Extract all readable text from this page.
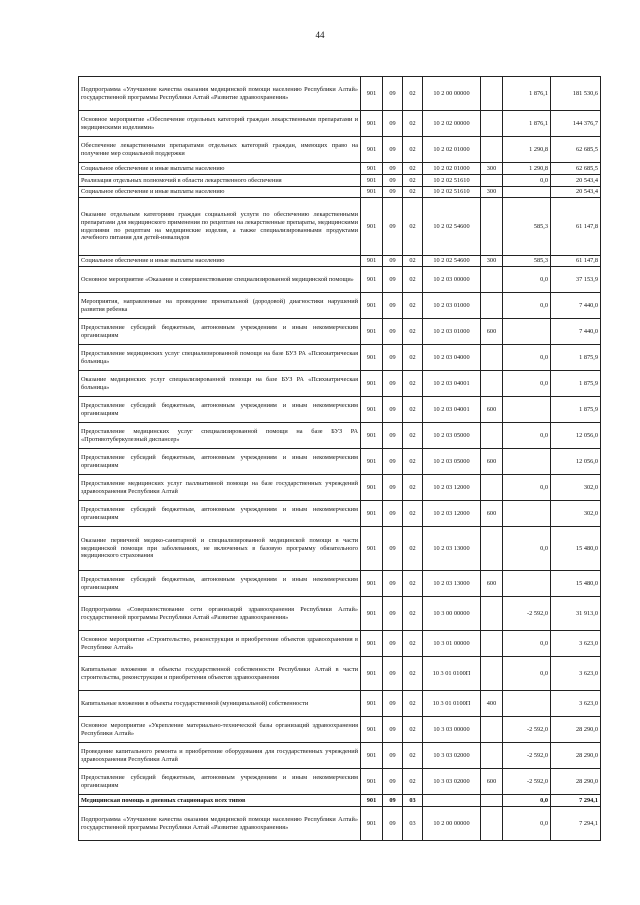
44
Подпрограмма «Улучшение качества оказания медицинской помощи населению Республики Алтай» государственной программы Республики Алтай «Развитие здравоохранения»	901	09	02	10 2 00 00000		1 876,1	181 530,6
Основное мероприятие «Обеспечение отдельных категорий граждан лекарственными препаратами и медицинскими изделиями»	901	09	02	10 2 02 00000		1 876,1	144 376,7
Обеспечение лекарственными препаратами отдельных категорий граждан, имеющих право на получение мер социальной поддержки	901	09	02	10 2 02 01000		1 290,8	62 685,5
Социальное обеспечение и иные выплаты населению	901	09	02	10 2 02 01000	300	1 290,8	62 685,5
Реализация отдельных полномочий в области лекарственного обеспечения	901	09	02	10 2 02 51610		0,0	20 543,4
Социальное обеспечение и иные выплаты населению	901	09	02	10 2 02 51610	300		20 543,4
Оказание отдельным категориям граждан социальной услуги по обеспечению лекарственными препаратами для медицинского применения по рецептам на лекарственные препараты, медицинскими изделиями по рецептам на медицинские изделия, а также специализированными продуктами лечебного питания для детей-инвалидов	901	09	02	10 2 02 54600		585,3	61 147,8
Социальное обеспечение и иные выплаты населению	901	09	02	10 2 02 54600	300	585,3	61 147,8
Основное мероприятие «Оказание и совершенствование специализированной медицинской помощи»	901	09	02	10 2 03 00000		0,0	37 153,9
Мероприятия, направленные на проведение пренатальной (дородовой) диагностики нарушений развития ребенка	901	09	02	10 2 03 01000		0,0	7 440,0
Предоставление субсидий бюджетным, автономным учреждениям и иным некоммерческим организациям	901	09	02	10 2 03 01000	600		7 440,0
Предоставление медицинских услуг специализированной помощи на базе БУЗ РА «Психиатрическая больница»	901	09	02	10 2 03 04000		0,0	1 875,9
Оказание медицинских услуг специализированной помощи на базе БУЗ РА «Психиатрическая больница»	901	09	02	10 2 03 04001		0,0	1 875,9
Предоставление субсидий бюджетным, автономным учреждениям и иным некоммерческим организациям	901	09	02	10 2 03 04001	600		1 875,9
Предоставление медицинских услуг специализированной помощи на базе БУЗ РА «Противотуберкулезный диспансер»	901	09	02	10 2 03 05000		0,0	12 056,0
Предоставление субсидий бюджетным, автономным учреждениям и иным некоммерческим организациям	901	09	02	10 2 03 05000	600		12 056,0
Предоставление медицинских услуг паллиативной помощи на базе государственных учреждений здравоохранения Республики Алтай	901	09	02	10 2 03 12000		0,0	302,0
Предоставление субсидий бюджетным, автономным учреждениям и иным некоммерческим организациям	901	09	02	10 2 03 12000	600		302,0
Оказание первичной медико-санитарной и специализированной медицинской помощи в части медицинской помощи при заболеваниях, не включенных в базовую программу обязательного медицинского страхования	901	09	02	10 2 03 13000		0,0	15 480,0
Предоставление субсидий бюджетным, автономным учреждениям и иным некоммерческим организациям	901	09	02	10 2 03 13000	600		15 480,0
Подпрограмма «Совершенствование сети организаций здравоохранения Республики Алтай» государственной программы Республики Алтай «Развитие здравоохранения»	901	09	02	10 3 00 00000		-2 592,0	31 913,0
Основное мероприятие «Строительство, реконструкция и приобретение объектов здравоохранения в Республике Алтай»	901	09	02	10 3 01 00000		0,0	3 623,0
Капитальные вложения в объекты государственной собственности Республики Алтай в части строительства, реконструкции и приобретения объектов здравоохранения	901	09	02	10 3 01 0100П		0,0	3 623,0
Капитальные вложения в объекты государственной (муниципальной) собственности	901	09	02	10 3 01 0100П	400		3 623,0
Основное мероприятие «Укрепление материально-технической базы организаций здравоохранения Республики Алтай»	901	09	02	10 3 03 00000		-2 592,0	28 290,0
Проведение капитального ремонта и приобретение оборудования для государственных учреждений здравоохранения Республики Алтай	901	09	02	10 3 03 02000		-2 592,0	28 290,0
Предоставление субсидий бюджетным, автономным учреждениям и иным некоммерческим организациям	901	09	02	10 3 03 02000	600	-2 592,0	28 290,0
Медицинская помощь в дневных стационарах всех типов	901	09	03			0,0	7 294,1
Подпрограмма «Улучшение качества оказания медицинской помощи населению Республики Алтай» государственной программы Республики Алтай «Развитие здравоохранения»	901	09	03	10 2 00 00000		0,0	7 294,1
